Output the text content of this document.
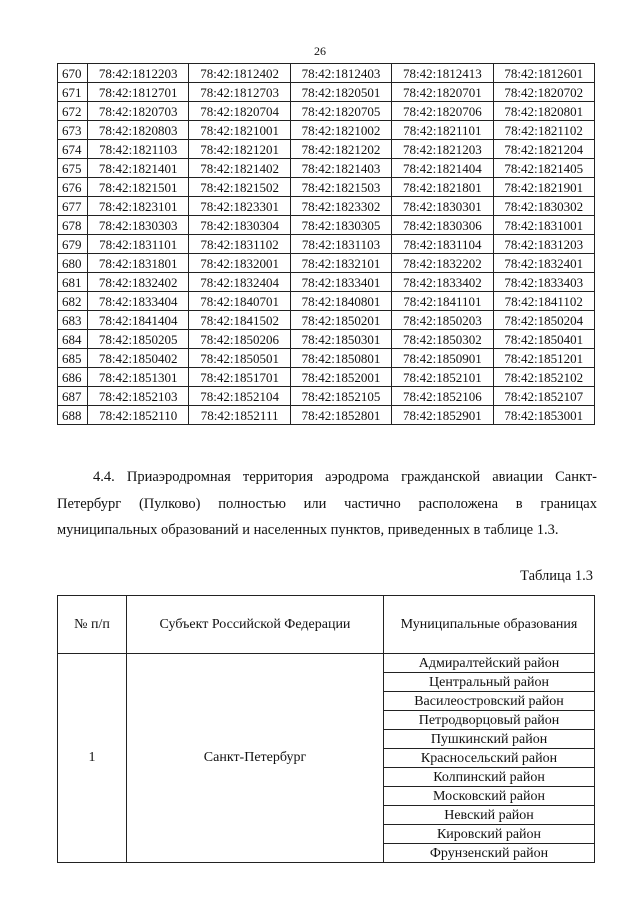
26
670	78:42:1812203	78:42:1812402	78:42:1812403	78:42:1812413	78:42:1812601
671	78:42:1812701	78:42:1812703	78:42:1820501	78:42:1820701	78:42:1820702
672	78:42:1820703	78:42:1820704	78:42:1820705	78:42:1820706	78:42:1820801
673	78:42:1820803	78:42:1821001	78:42:1821002	78:42:1821101	78:42:1821102
674	78:42:1821103	78:42:1821201	78:42:1821202	78:42:1821203	78:42:1821204
675	78:42:1821401	78:42:1821402	78:42:1821403	78:42:1821404	78:42:1821405
676	78:42:1821501	78:42:1821502	78:42:1821503	78:42:1821801	78:42:1821901
677	78:42:1823101	78:42:1823301	78:42:1823302	78:42:1830301	78:42:1830302
678	78:42:1830303	78:42:1830304	78:42:1830305	78:42:1830306	78:42:1831001
679	78:42:1831101	78:42:1831102	78:42:1831103	78:42:1831104	78:42:1831203
680	78:42:1831801	78:42:1832001	78:42:1832101	78:42:1832202	78:42:1832401
681	78:42:1832402	78:42:1832404	78:42:1833401	78:42:1833402	78:42:1833403
682	78:42:1833404	78:42:1840701	78:42:1840801	78:42:1841101	78:42:1841102
683	78:42:1841404	78:42:1841502	78:42:1850201	78:42:1850203	78:42:1850204
684	78:42:1850205	78:42:1850206	78:42:1850301	78:42:1850302	78:42:1850401
685	78:42:1850402	78:42:1850501	78:42:1850801	78:42:1850901	78:42:1851201
686	78:42:1851301	78:42:1851701	78:42:1852001	78:42:1852101	78:42:1852102
687	78:42:1852103	78:42:1852104	78:42:1852105	78:42:1852106	78:42:1852107
688	78:42:1852110	78:42:1852111	78:42:1852801	78:42:1852901	78:42:1853001

4.4. Приаэродромная территория аэродрома гражданской авиации Санкт-Петербург (Пулково) полностью или частично расположена в границах муниципальных образований и населенных пунктов, приведенных в таблице 1.3.

Таблица 1.3
№ п/п	Субъект Российской Федерации	Муниципальные образования
1	Санкт-Петербург	Адмиралтейский район
		Центральный район
		Василеостровский район
		Петродворцовый район
		Пушкинский район
		Красносельский район
		Колпинский район
		Московский район
		Невский район
		Кировский район
		Фрунзенский район
